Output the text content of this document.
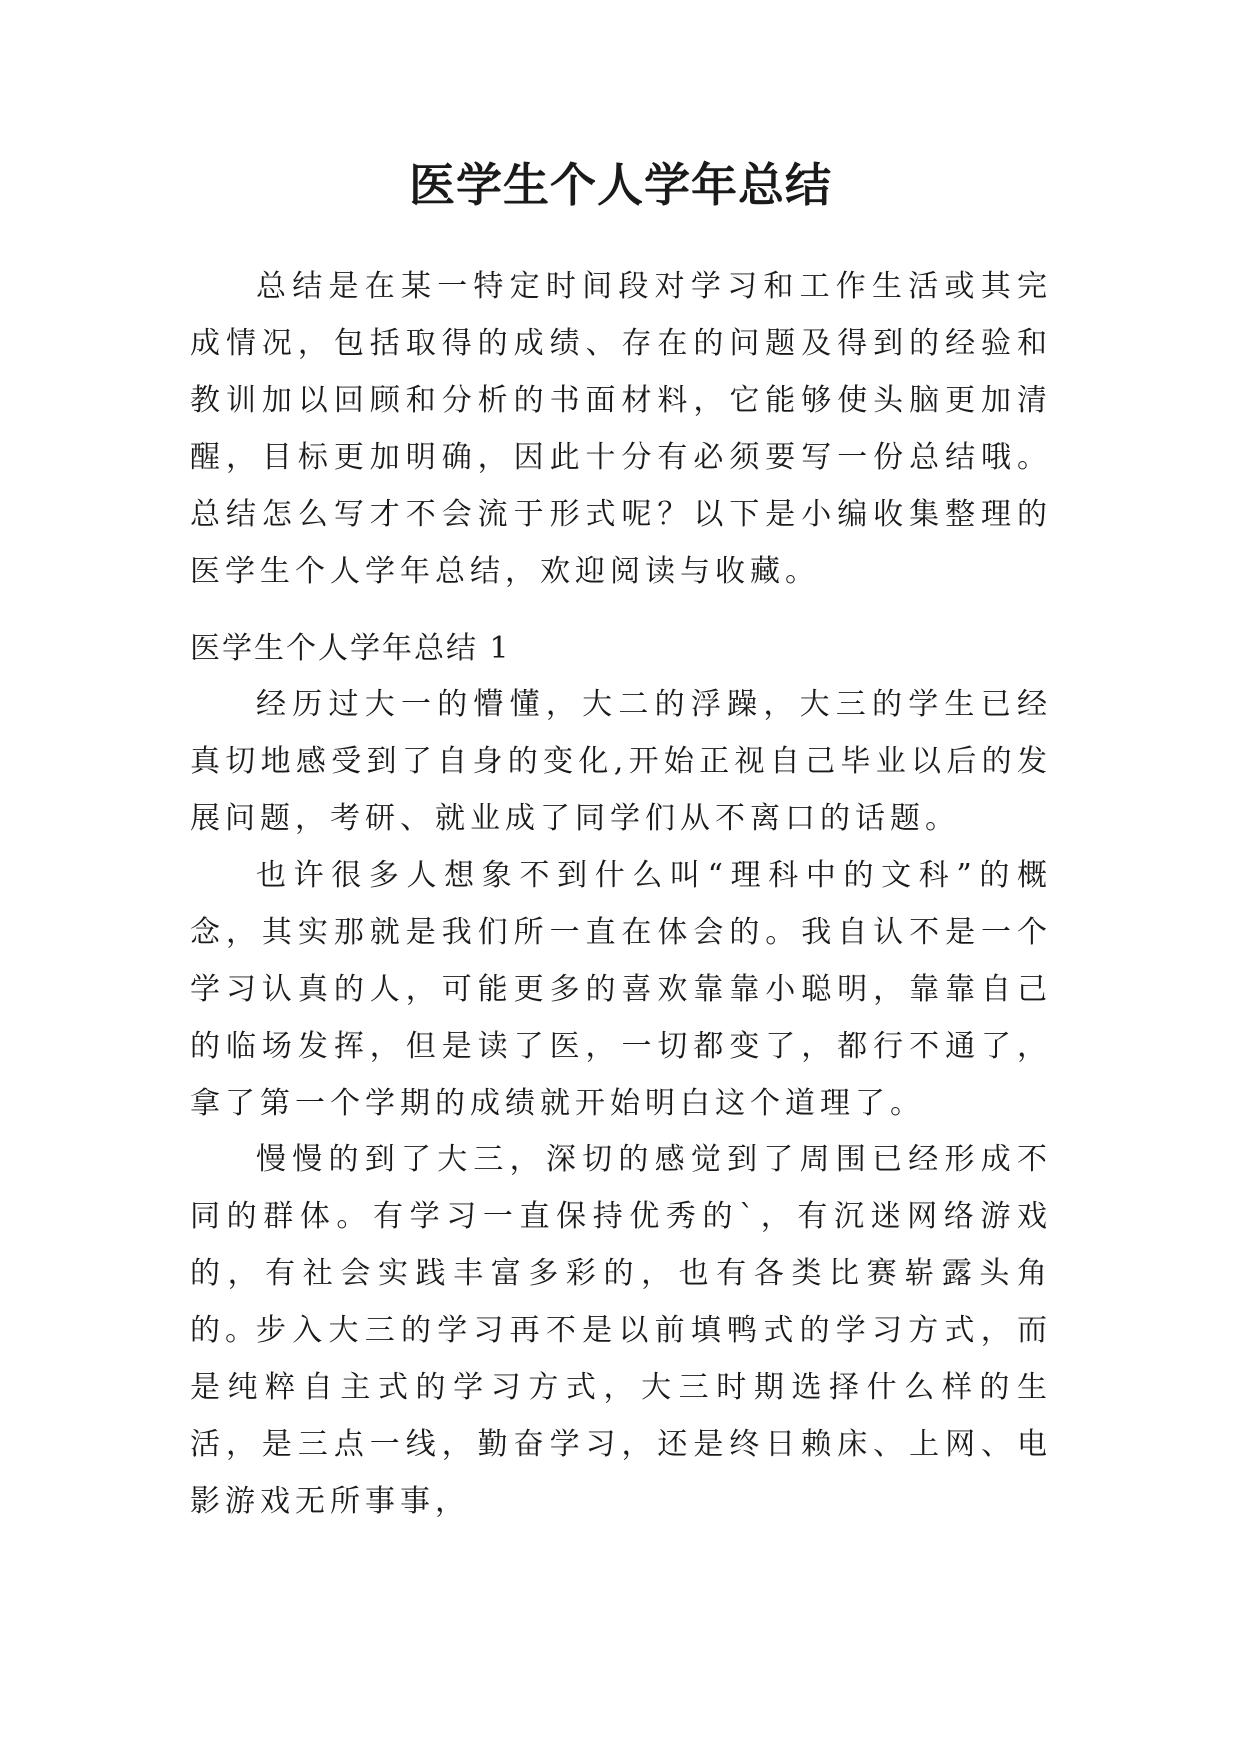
医学生个人学年总结

总结是在某一特定时间段对学习和工作生活或其完成情况，包括取得的成绩、存在的问题及得到的经验和教训加以回顾和分析的书面材料，它能够使头脑更加清醒，目标更加明确，因此十分有必须要写一份总结哦。总结怎么写才不会流于形式呢？以下是小编收集整理的医学生个人学年总结，欢迎阅读与收藏。

医学生个人学年总结 1

经历过大一的懵懂，大二的浮躁，大三的学生已经真切地感受到了自身的变化,开始正视自己毕业以后的发展问题，考研、就业成了同学们从不离口的话题。

也许很多人想象不到什么叫“理科中的文科”的概念，其实那就是我们所一直在体会的。我自认不是一个学习认真的人，可能更多的喜欢靠靠小聪明，靠靠自己的临场发挥，但是读了医，一切都变了，都行不通了，拿了第一个学期的成绩就开始明白这个道理了。

慢慢的到了大三，深切的感觉到了周围已经形成不同的群体。有学习一直保持优秀的`，有沉迷网络游戏的，有社会实践丰富多彩的，也有各类比赛崭露头角的。

步入大三的学习再不是以前填鸭式的学习方式，而是纯粹自主式的学习方式，大三时期选择什么样的生活，是三点一线，勤奋学习，还是终日赖床、上网、电影游戏无所事事，
